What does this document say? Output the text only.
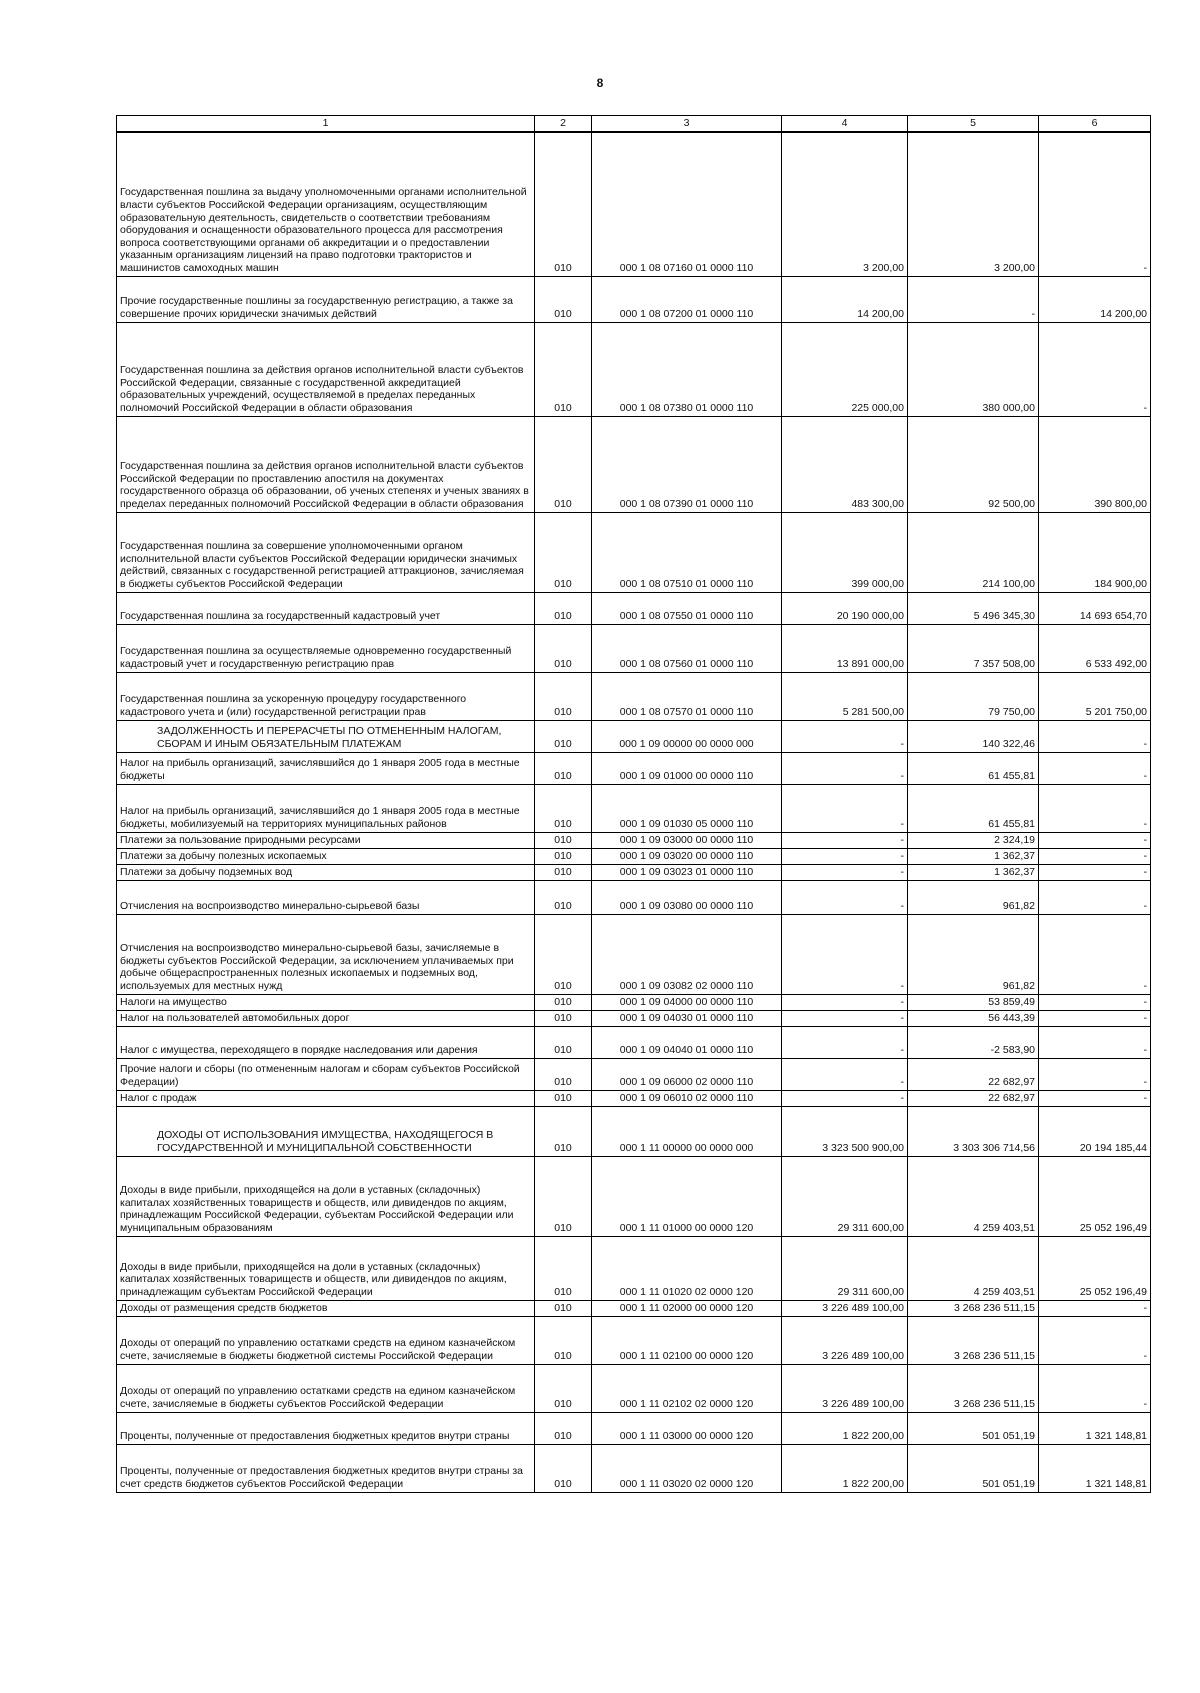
8
1	2	3	4	5	6
Государственная пошлина за выдачу уполномоченными органами исполнительной власти субъектов Российской Федерации организациям, осуществляющим образовательную деятельность, свидетельств о соответствии требованиям оборудования и оснащенности образовательного процесса для рассмотрения вопроса соответствующими органами об аккредитации и о предоставлении указанным организациям лицензий на право подготовки трактористов и машинистов самоходных машин	010	000 1 08 07160 01 0000 110	3 200,00	3 200,00	-
Прочие государственные пошлины за государственную регистрацию, а также за совершение прочих юридически значимых действий	010	000 1 08 07200 01 0000 110	14 200,00	-	14 200,00
Государственная пошлина за действия органов исполнительной власти субъектов Российской Федерации, связанные с государственной аккредитацией образовательных учреждений, осуществляемой в пределах переданных полномочий Российской Федерации в области образования	010	000 1 08 07380 01 0000 110	225 000,00	380 000,00	-
Государственная пошлина за действия органов исполнительной власти субъектов Российской Федерации по проставлению апостиля на документах государственного образца об образовании, об ученых степенях и ученых званиях в пределах переданных полномочий Российской Федерации в области образования	010	000 1 08 07390 01 0000 110	483 300,00	92 500,00	390 800,00
Государственная пошлина за совершение уполномоченными органом исполнительной власти субъектов Российской Федерации юридически значимых действий, связанных с государственной регистрацией аттракционов, зачисляемая в бюджеты субъектов Российской Федерации	010	000 1 08 07510 01 0000 110	399 000,00	214 100,00	184 900,00
Государственная пошлина за государственный кадастровый учет	010	000 1 08 07550 01 0000 110	20 190 000,00	5 496 345,30	14 693 654,70
Государственная пошлина за осуществляемые одновременно государственный кадастровый учет и государственную регистрацию прав	010	000 1 08 07560 01 0000 110	13 891 000,00	7 357 508,00	6 533 492,00
Государственная пошлина за ускоренную процедуру государственного кадастрового учета и (или) государственной регистрации прав	010	000 1 08 07570 01 0000 110	5 281 500,00	79 750,00	5 201 750,00
ЗАДОЛЖЕННОСТЬ И ПЕРЕРАСЧЕТЫ ПО ОТМЕНЕННЫМ НАЛОГАМ, СБОРАМ И ИНЫМ ОБЯЗАТЕЛЬНЫМ ПЛАТЕЖАМ	010	000 1 09 00000 00 0000 000	-	140 322,46	-
Налог на прибыль организаций, зачислявшийся до 1 января 2005 года в местные бюджеты	010	000 1 09 01000 00 0000 110	-	61 455,81	-
Налог на прибыль организаций, зачислявшийся до 1 января 2005 года в местные бюджеты, мобилизуемый на территориях муниципальных районов	010	000 1 09 01030 05 0000 110	-	61 455,81	-
Платежи за пользование природными ресурсами	010	000 1 09 03000 00 0000 110	-	2 324,19	-
Платежи за добычу полезных ископаемых	010	000 1 09 03020 00 0000 110	-	1 362,37	-
Платежи за добычу подземных вод	010	000 1 09 03023 01 0000 110	-	1 362,37	-
Отчисления на воспроизводство минерально-сырьевой базы	010	000 1 09 03080 00 0000 110	-	961,82	-
Отчисления на воспроизводство минерально-сырьевой базы, зачисляемые в бюджеты субъектов Российской Федерации, за исключением уплачиваемых при добыче общераспространенных полезных ископаемых и подземных вод, используемых для местных нужд	010	000 1 09 03082 02 0000 110	-	961,82	-
Налоги на имущество	010	000 1 09 04000 00 0000 110	-	53 859,49	-
Налог на пользователей автомобильных дорог	010	000 1 09 04030 01 0000 110	-	56 443,39	-
Налог с имущества, переходящего в порядке наследования или дарения	010	000 1 09 04040 01 0000 110	-	-2 583,90	-
Прочие налоги и сборы (по отмененным налогам и сборам субъектов Российской Федерации)	010	000 1 09 06000 02 0000 110	-	22 682,97	-
Налог с продаж	010	000 1 09 06010 02 0000 110	-	22 682,97	-
ДОХОДЫ ОТ ИСПОЛЬЗОВАНИЯ ИМУЩЕСТВА, НАХОДЯЩЕГОСЯ В ГОСУДАРСТВЕННОЙ И МУНИЦИПАЛЬНОЙ СОБСТВЕННОСТИ	010	000 1 11 00000 00 0000 000	3 323 500 900,00	3 303 306 714,56	20 194 185,44
Доходы в виде прибыли, приходящейся на доли в уставных (складочных) капиталах хозяйственных товариществ и обществ, или дивидендов по акциям, принадлежащим Российской Федерации, субъектам Российской Федерации или муниципальным образованиям	010	000 1 11 01000 00 0000 120	29 311 600,00	4 259 403,51	25 052 196,49
Доходы в виде прибыли, приходящейся на доли в уставных (складочных) капиталах хозяйственных товариществ и обществ, или дивидендов по акциям, принадлежащим субъектам Российской Федерации	010	000 1 11 01020 02 0000 120	29 311 600,00	4 259 403,51	25 052 196,49
Доходы от размещения средств бюджетов	010	000 1 11 02000 00 0000 120	3 226 489 100,00	3 268 236 511,15	-
Доходы от операций по управлению остатками средств на едином казначейском счете, зачисляемые в бюджеты бюджетной системы Российской Федерации	010	000 1 11 02100 00 0000 120	3 226 489 100,00	3 268 236 511,15	-
Доходы от операций по управлению остатками средств на едином казначейском счете, зачисляемые в бюджеты субъектов Российской Федерации	010	000 1 11 02102 02 0000 120	3 226 489 100,00	3 268 236 511,15	-
Проценты, полученные от предоставления бюджетных кредитов внутри страны	010	000 1 11 03000 00 0000 120	1 822 200,00	501 051,19	1 321 148,81
Проценты, полученные от предоставления бюджетных кредитов внутри страны за счет средств бюджетов субъектов Российской Федерации	010	000 1 11 03020 02 0000 120	1 822 200,00	501 051,19	1 321 148,81
